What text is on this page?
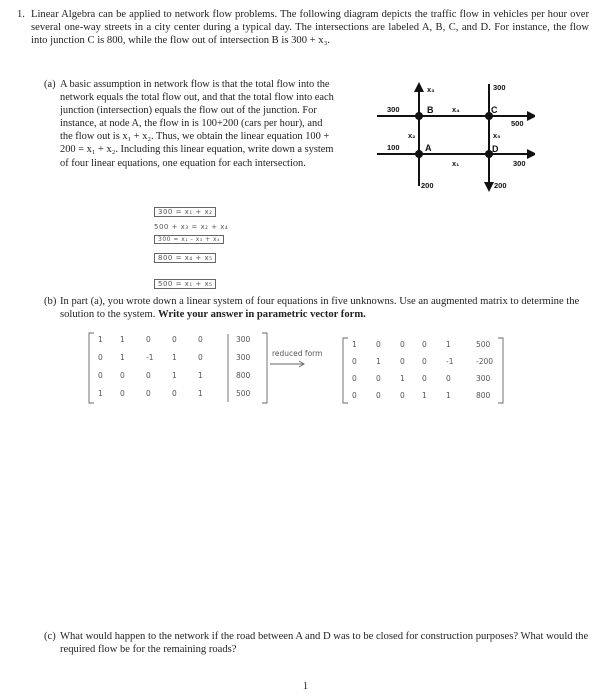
1. Linear Algebra can be applied to network flow problems. The following diagram depicts the traffic flow in vehicles per hour over several one-way streets in a city center during a typical day. The intersections are labeled A, B, C, and D. For instance, the flow into junction C is 800, while the flow out of intersection B is 300 + x₃.
(a) A basic assumption in network flow is that the total flow into the network equals the total flow out, and that the total flow into each junction (intersection) equals the flow out of the junction. For instance, at node A, the flow in is 100+200 (cars per hour), and the flow out is x₁ + x₂. Thus, we obtain the linear equation 100 + 200 = x₁ + x₂. Including this linear equation, write down a system of four linear equations, one equation for each intersection.
300 = x₁ + x₂
500 + x₃ = x₂ + x₄
300 = x₁ - x₃ + x₄
800 = x₄ + x₅
500 = x₁ + x₅
B	C
A	D
300
300
500
100
300
200	200
x₃
x₄
x₂	x₅
x₁
(b) In part (a), you wrote down a linear system of four equations in five unknowns. Use an augmented matrix to determine the solution to the system. Write your answer in parametric vector form.
reduced form
1 1	0	0	0	300
0 1	-1 1	0	300
0 0	0	1	1	800
1 0	0	0	1	500
1	0	0 0	1	500
0	1	0 0	-1	-200
0	0	1 0	0	300
0	0	0 1	1	800
(c) What would happen to the network if the road between A and D was to be closed for construction purposes? What would the required flow be for the remaining roads?
1
